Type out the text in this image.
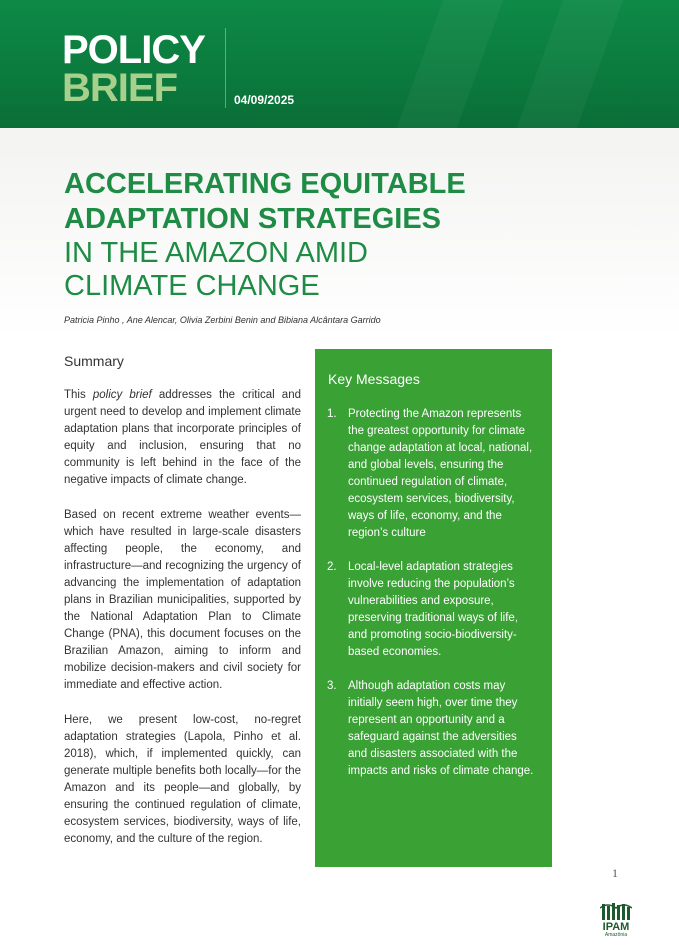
POLICY
BRIEF	04/09/2025
ACCELERATING EQUITABLE
ADAPTATION STRATEGIES
IN THE AMAZON AMID
CLIMATE CHANGE
Patricia Pinho , Ane Alencar, Olivia Zerbini Benin and Bibiana Alcântara Garrido
Summary

This policy brief addresses the critical and urgent need to develop and implement climate adaptation plans that incorporate principles of equity and inclusion, ensuring that no community is left behind in the face of the negative impacts of climate change.

Based on recent extreme weather events—which have resulted in large-scale disasters affecting people, the economy, and infrastructure—and recognizing the urgency of advancing the implementation of adaptation plans in Brazilian municipalities, supported by the National Adaptation Plan to Climate Change (PNA), this document focuses on the Brazilian Amazon, aiming to inform and mobilize decision-makers and civil society for immediate and effective action.

Here, we present low-cost, no-regret adaptation strategies (Lapola, Pinho et al. 2018), which, if implemented quickly, can generate multiple benefits both locally—for the Amazon and its people—and globally, by ensuring the continued regulation of climate, ecosystem services, biodiversity, ways of life, economy, and the culture of the region.

Key Messages
1. Protecting the Amazon represents the greatest opportunity for climate change adaptation at local, national, and global levels, ensuring the continued regulation of climate, ecosystem services, biodiversity, ways of life, economy, and the region’s culture
2. Local-level adaptation strategies involve reducing the population’s vulnerabilities and exposure, preserving traditional ways of life, and promoting socio-biodiversity-based economies.
3. Although adaptation costs may initially seem high, over time they represent an opportunity and a safeguard against the adversities and disasters associated with the impacts and risks of climate change.
1
IPAM
Amazônia
